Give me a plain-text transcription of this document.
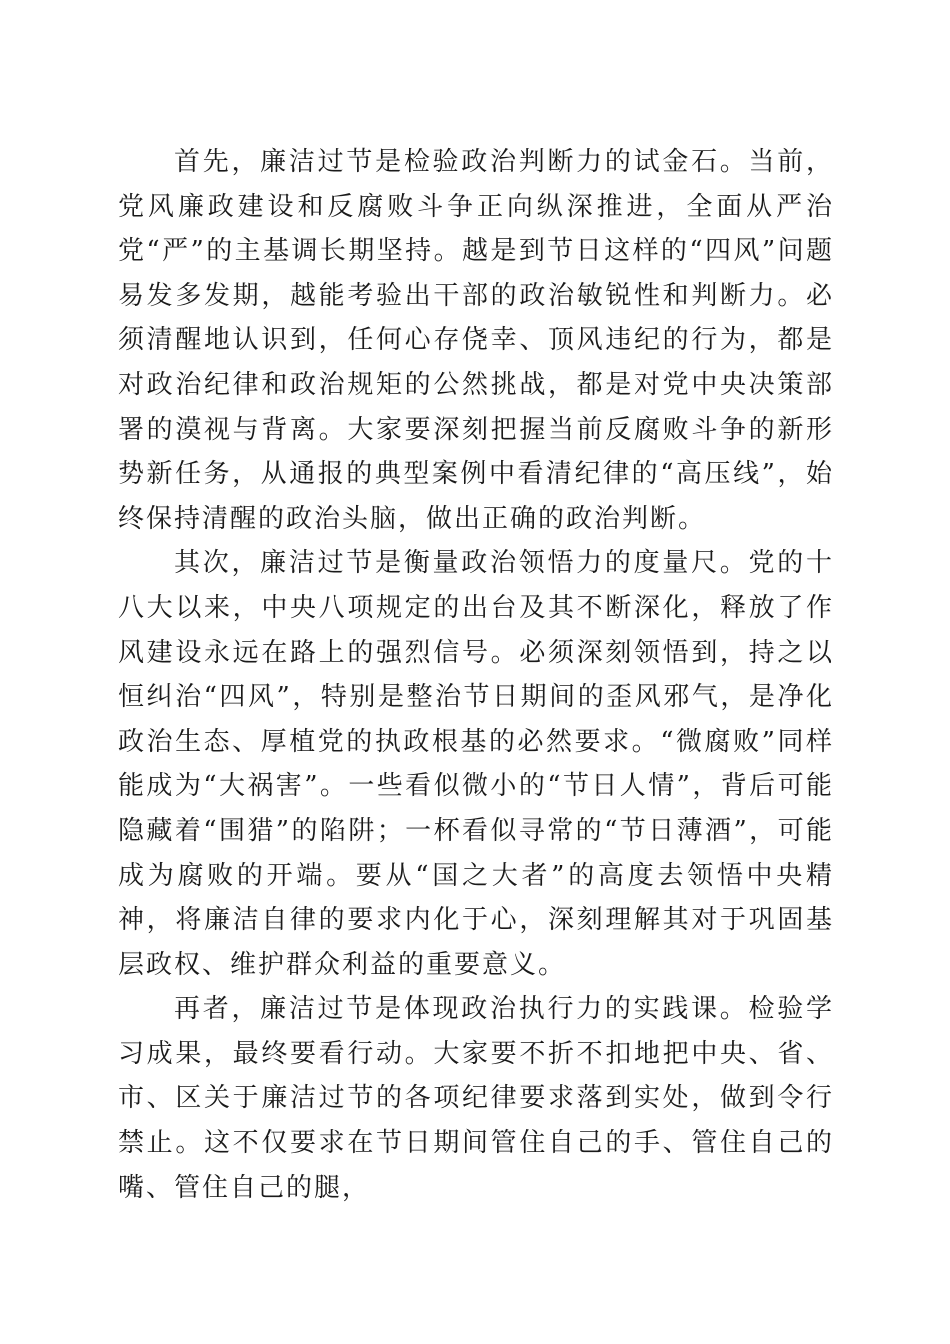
首先，廉洁过节是检验政治判断力的试金石。当前，党风廉政建设和反腐败斗争正向纵深推进，全面从严治党“严”的主基调长期坚持。越是到节日这样的“四风”问题易发多发期，越能考验出干部的政治敏锐性和判断力。必须清醒地认识到，任何心存侥幸、顶风违纪的行为，都是对政治纪律和政治规矩的公然挑战，都是对党中央决策部署的漠视与背离。大家要深刻把握当前反腐败斗争的新形势新任务，从通报的典型案例中看清纪律的“高压线”，始终保持清醒的政治头脑，做出正确的政治判断。

其次，廉洁过节是衡量政治领悟力的度量尺。党的十八大以来，中央八项规定的出台及其不断深化，释放了作风建设永远在路上的强烈信号。必须深刻领悟到，持之以恒纠治“四风”，特别是整治节日期间的歪风邪气，是净化政治生态、厚植党的执政根基的必然要求。“微腐败”同样能成为“大祸害”。一些看似微小的“节日人情”，背后可能隐藏着“围猎”的陷阱；一杯看似寻常的“节日薄酒”，可能成为腐败的开端。要从“国之大者”的高度去领悟中央精神，将廉洁自律的要求内化于心，深刻理解其对于巩固基层政权、维护群众利益的重要意义。

再者，廉洁过节是体现政治执行力的实践课。检验学习成果，最终要看行动。大家要不折不扣地把中央、省、市、区关于廉洁过节的各项纪律要求落到实处，做到令行禁止。这不仅要求在节日期间管住自己的手、管住自己的嘴、管住自己的腿，
